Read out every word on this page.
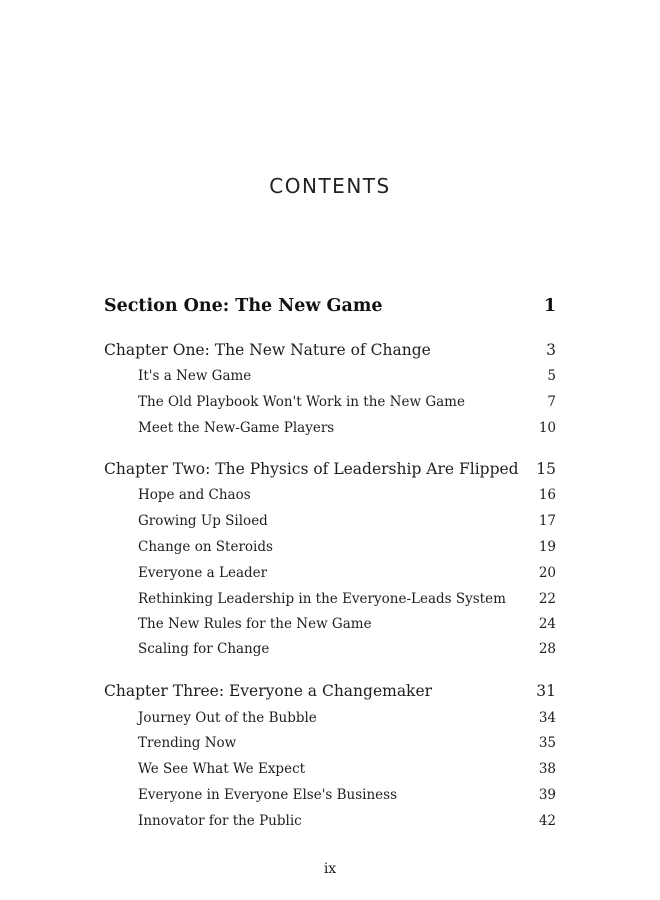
CONTENTS
Section One: The New Game	1
Chapter One: The New Nature of Change	3
It's a New Game	5
The Old Playbook Won't Work in the New Game	7
Meet the New-Game Players	10
Chapter Two: The Physics of Leadership Are Flipped 15
Hope and Chaos	16
Growing Up Siloed	17
Change on Steroids	19
Everyone a Leader	20
Rethinking Leadership in the Everyone-Leads System 22
The New Rules for the New Game	24
Scaling for Change	28
Chapter Three: Everyone a Changemaker	31
Journey Out of the Bubble	34
Trending Now	35
We See What We Expect	38
Everyone in Everyone Else's Business	39
Innovator for the Public	42
ix
